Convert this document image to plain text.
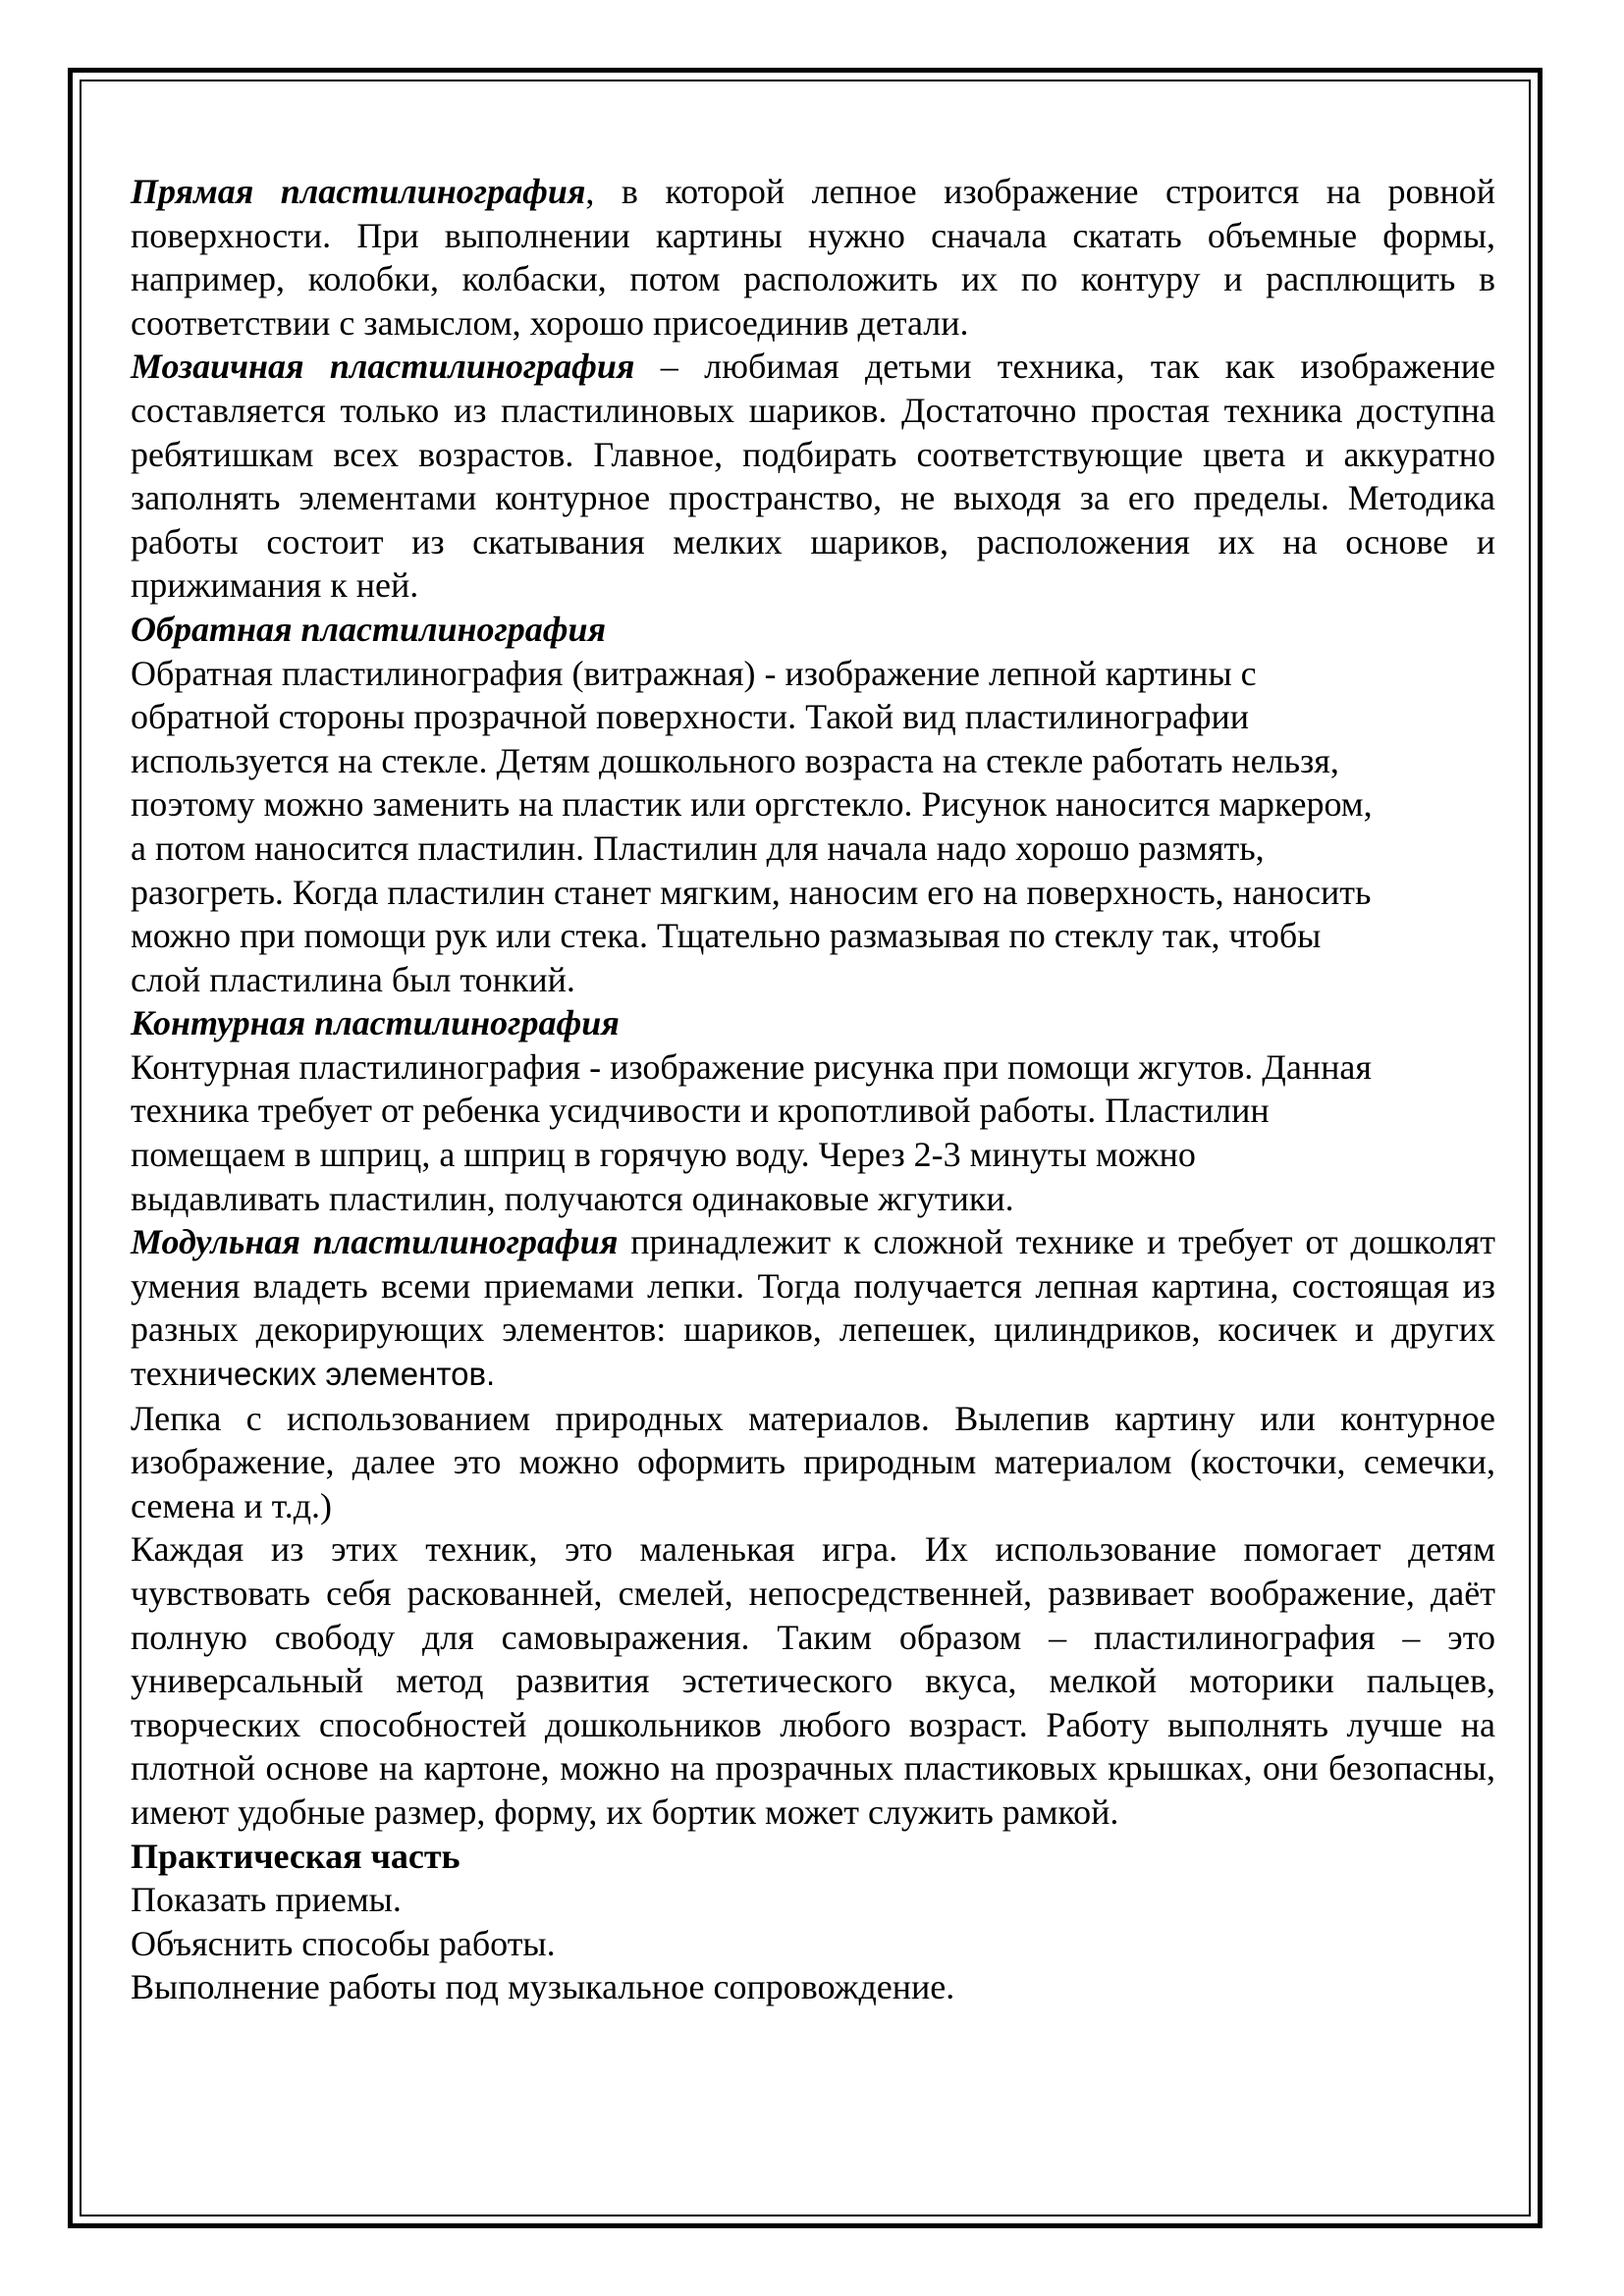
Прямая пластилинография, в которой лепное изображение строится на ровной поверхности. При выполнении картины нужно сначала скатать объемные формы, например, колобки, колбаски, потом расположить их по контуру и расплющить в соответствии с замыслом, хорошо присоединив детали.

Мозаичная пластилинография – любимая детьми техника, так как изображение составляется только из пластилиновых шариков. Достаточно простая техника доступна ребятишкам всех возрастов. Главное, подбирать соответствующие цвета и аккуратно заполнять элементами контурное пространство, не выходя за его пределы. Методика работы состоит из скатывания мелких шариков, расположения их на основе и прижимания к ней.

Обратная пластилинография

Обратная пластилинография (витражная) - изображение лепной картины с

обратной стороны прозрачной поверхности. Такой вид пластилинографии

используется на стекле. Детям дошкольного возраста на стекле работать нельзя,

поэтому можно заменить на пластик или оргстекло. Рисунок наносится маркером,

а потом наносится пластилин. Пластилин для начала надо хорошо размять,

разогреть. Когда пластилин станет мягким, наносим его на поверхность, наносить

можно при помощи рук или стека. Тщательно размазывая по стеклу так, чтобы

слой пластилина был тонкий.

Контурная пластилинография

Контурная пластилинография - изображение рисунка при помощи жгутов. Данная

техника требует от ребенка усидчивости и кропотливой работы. Пластилин

помещаем в шприц, а шприц в горячую воду. Через 2-3 минуты можно

выдавливать пластилин, получаются одинаковые жгутики.

Модульная пластилинография принадлежит к сложной технике и требует от дошколят умения владеть всеми приемами лепки. Тогда получается лепная картина, состоящая из разных декорирующих элементов: шариков, лепешек, цилиндриков, косичек и других технических элементов.

Лепка с использованием природных материалов. Вылепив картину или контурное изображение, далее это можно оформить природным материалом (косточки, семечки, семена и т.д.)

Каждая из этих техник, это маленькая игра. Их использование помогает детям чувствовать себя раскованней, смелей, непосредственней, развивает воображение, даёт полную свободу для самовыражения. Таким образом – пластилинография – это универсальный метод развития эстетического вкуса, мелкой моторики пальцев, творческих способностей дошкольников любого возраст. Работу выполнять лучше на плотной основе на картоне, можно на прозрачных пластиковых крышках, они безопасны, имеют удобные размер, форму, их бортик может служить рамкой.

Практическая часть

Показать приемы.

Объяснить способы работы.

Выполнение работы под музыкальное сопровождение.
